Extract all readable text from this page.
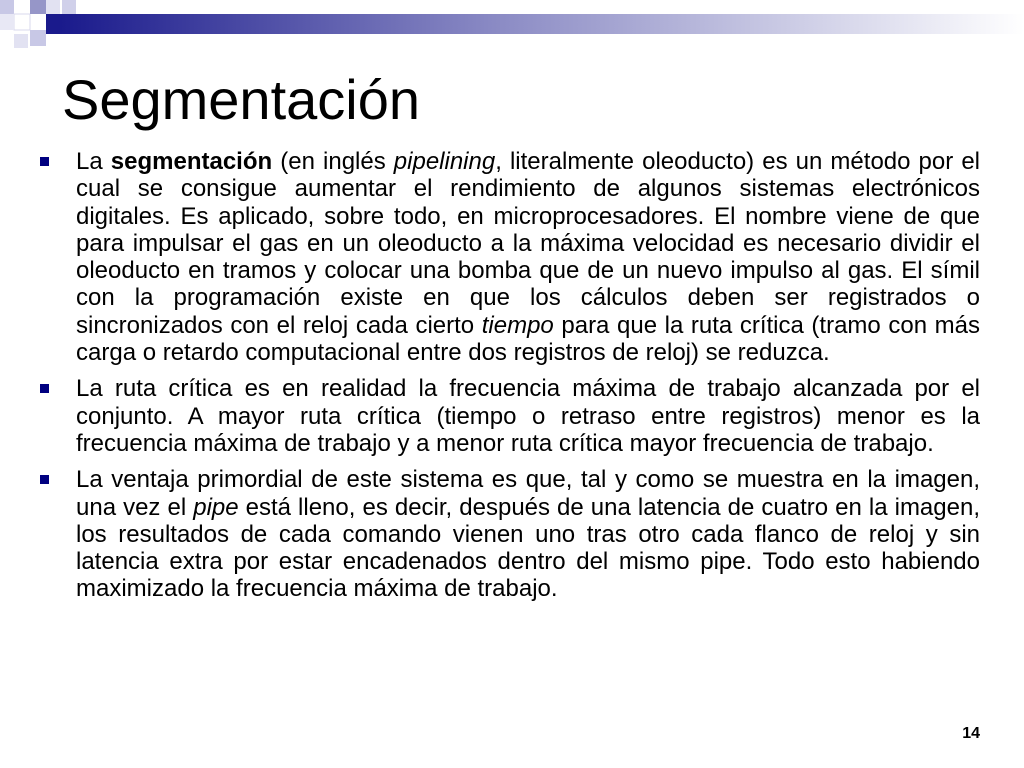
Segmentación
La segmentación (en inglés pipelining, literalmente oleoducto) es un método por el cual se consigue aumentar el rendimiento de algunos sistemas electrónicos digitales. Es aplicado, sobre todo, en microprocesadores. El nombre viene de que para impulsar el gas en un oleoducto a la máxima velocidad es necesario dividir el oleoducto en tramos y colocar una bomba que de un nuevo impulso al gas. El símil con la programación existe en que los cálculos deben ser registrados o sincronizados con el reloj cada cierto tiempo para que la ruta crítica (tramo con más carga o retardo computacional entre dos registros de reloj) se reduzca.
La ruta crítica es en realidad la frecuencia máxima de trabajo alcanzada por el conjunto. A mayor ruta crítica (tiempo o retraso entre registros) menor es la frecuencia máxima de trabajo y a menor ruta crítica mayor frecuencia de trabajo.
La ventaja primordial de este sistema es que, tal y como se muestra en la imagen, una vez el pipe está lleno, es decir, después de una latencia de cuatro en la imagen, los resultados de cada comando vienen uno tras otro cada flanco de reloj y sin latencia extra por estar encadenados dentro del mismo pipe. Todo esto habiendo maximizado la frecuencia máxima de trabajo.
14
